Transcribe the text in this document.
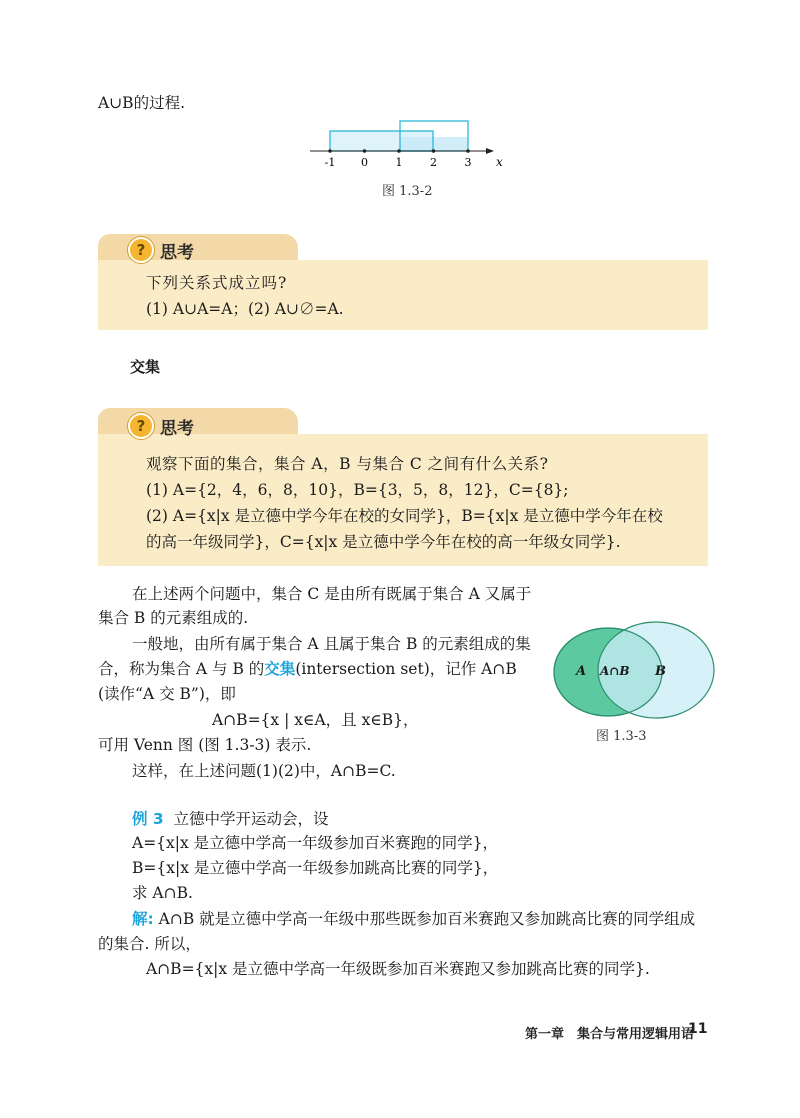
A∪B的过程.
-1 0	1	2	3 x
图 1.3-2
? 思考
下列关系式成立吗?
(1) A∪A=A；(2) A∪∅=A.
交集
? 思考
观察下面的集合，集合 A，B 与集合 C 之间有什么关系?
(1) A={2，4，6，8，10}，B={3，5，8，12}，C={8};
(2) A={x|x 是立德中学今年在校的女同学}，B={x|x 是立德中学今年在校
的高一年级同学}，C={x|x 是立德中学今年在校的高一年级女同学}.
在上述两个问题中，集合 C 是由所有既属于集合 A 又属于
集合 B 的元素组成的.
一般地，由所有属于集合 A 且属于集合 B 的元素组成的集
合，称为集合 A 与 B 的交集(intersection set)，记作 A∩B
(读作“A 交 B”)，即
A∩B={x | x∈A，且 x∈B}，
可用 Venn 图 (图 1.3-3) 表示.
这样，在上述问题(1)(2)中，A∩B=C.
A A∩B B
图 1.3-3
例 3 立德中学开运动会，设
A={x|x 是立德中学高一年级参加百米赛跑的同学}，
B={x|x 是立德中学高一年级参加跳高比赛的同学}，
求 A∩B.
解: A∩B 就是立德中学高一年级中那些既参加百米赛跑又参加跳高比赛的同学组成
的集合. 所以，
A∩B={x|x 是立德中学高一年级既参加百米赛跑又参加跳高比赛的同学}.
第一章　集合与常用逻辑用语
11
